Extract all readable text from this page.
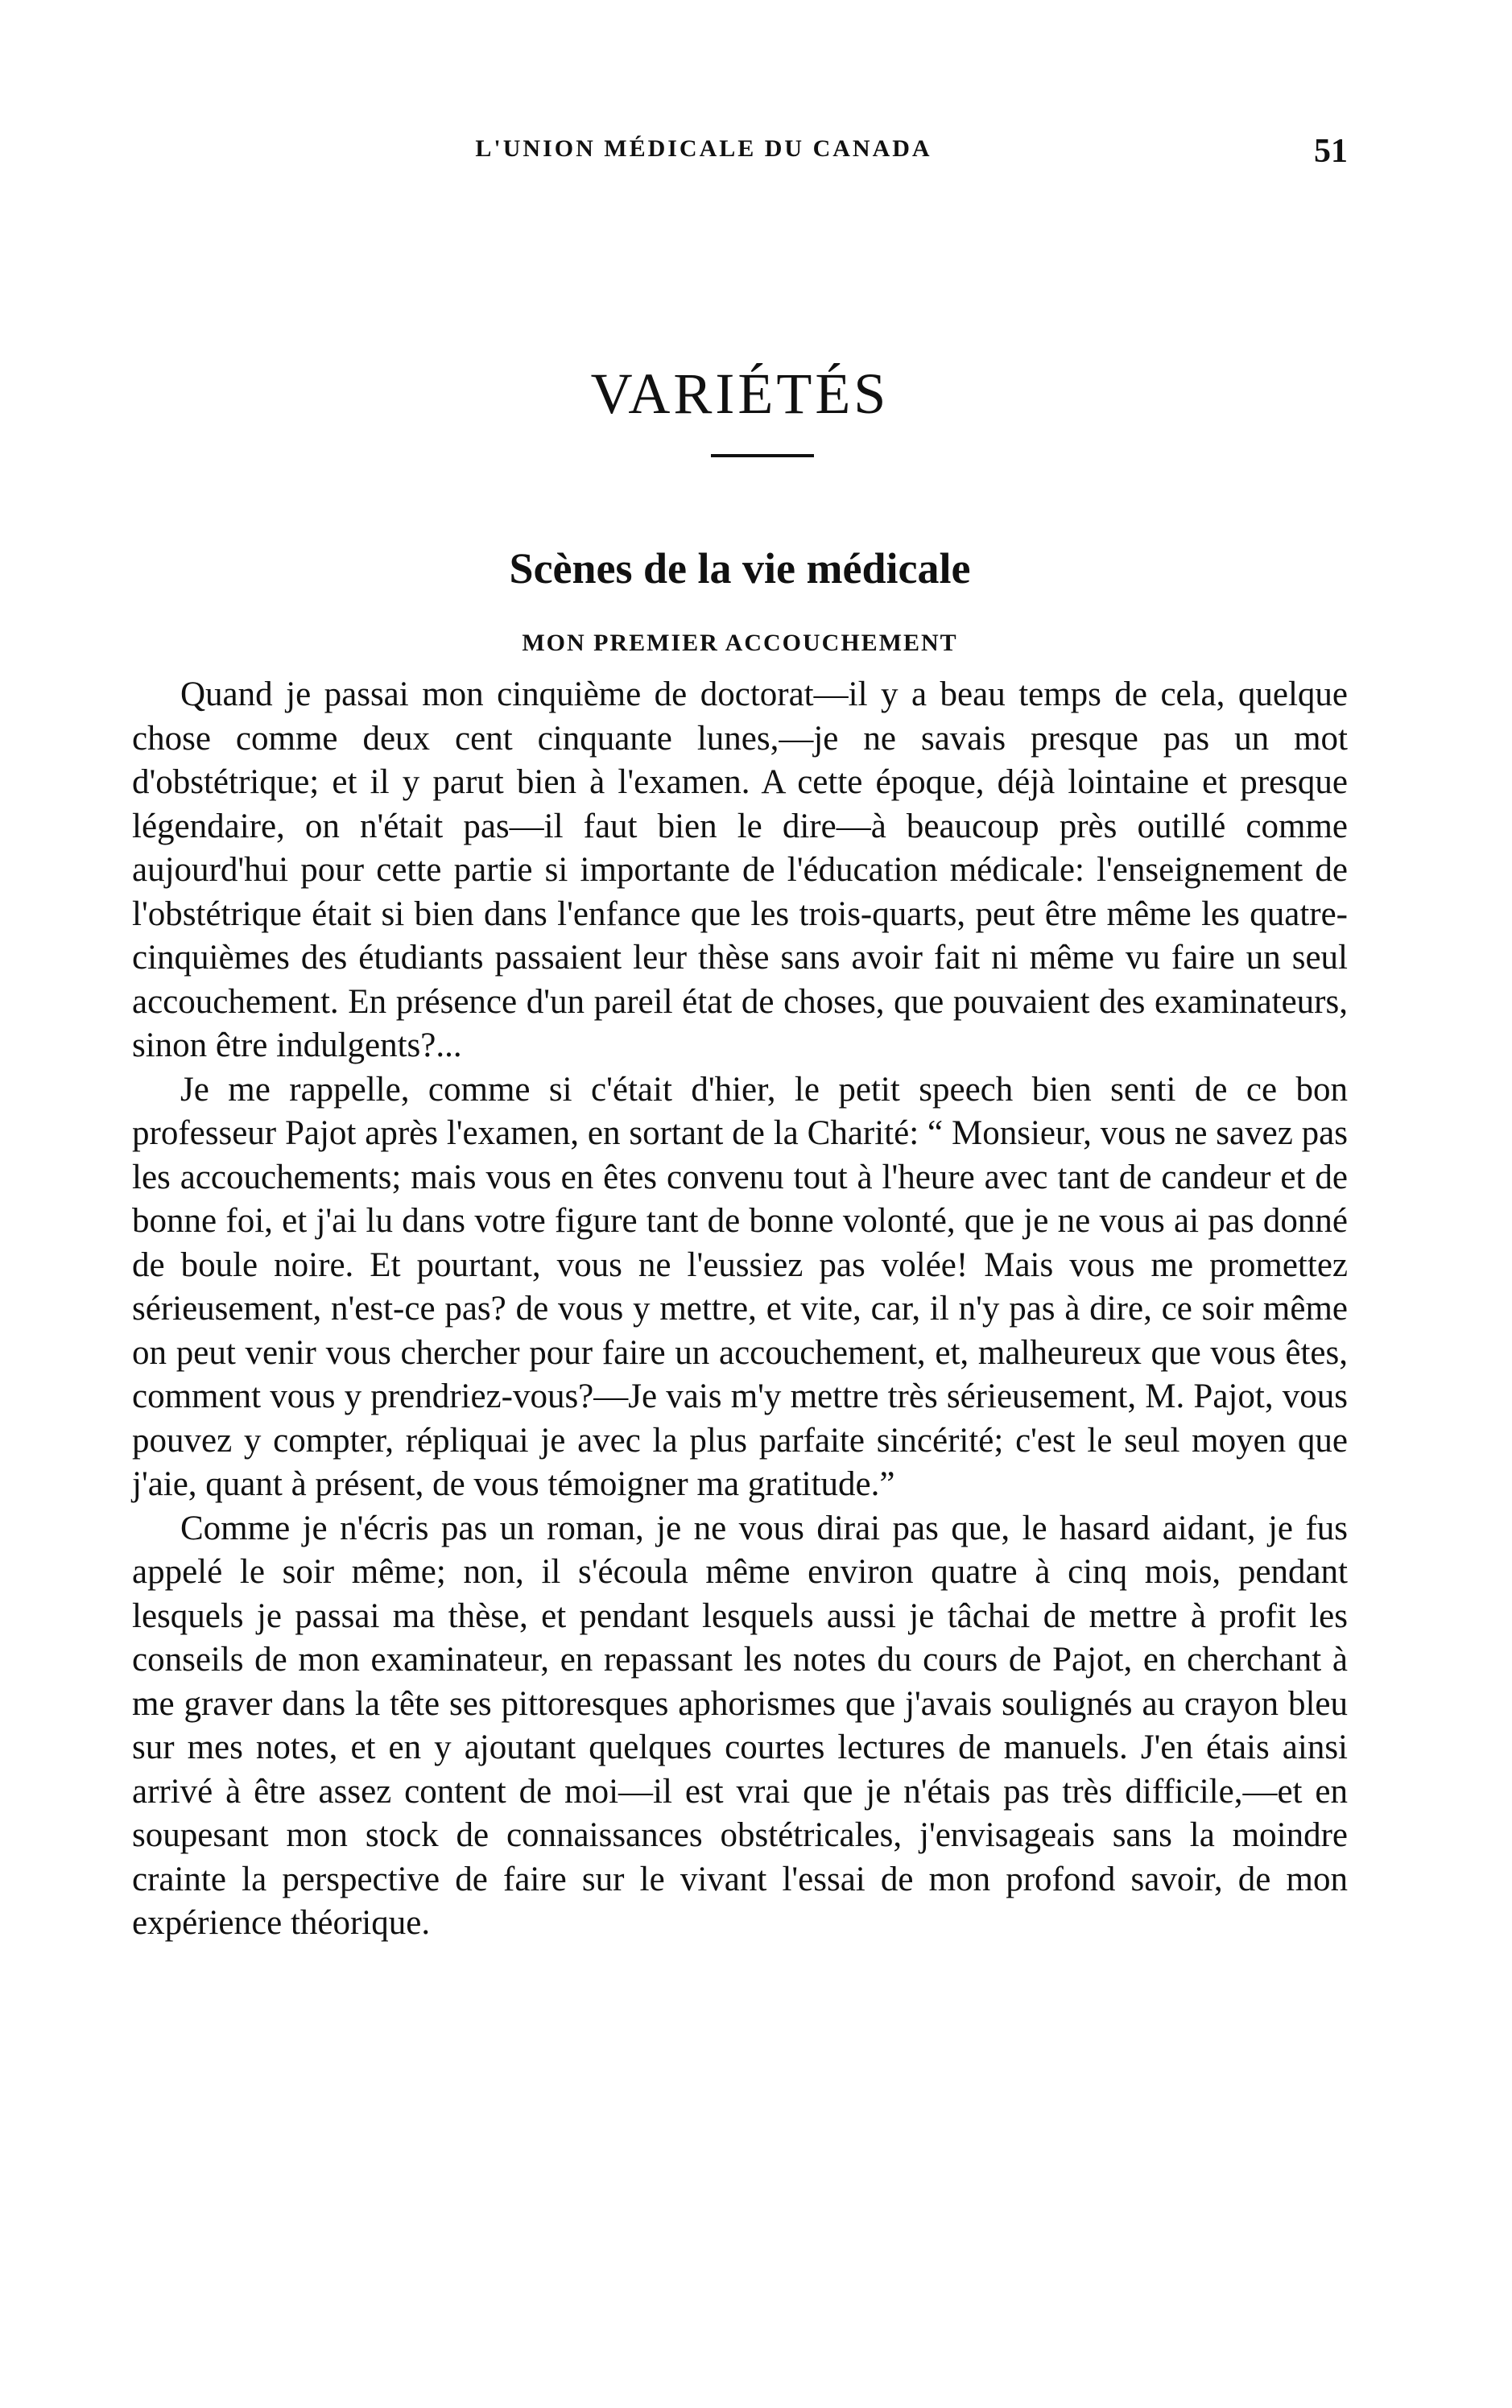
L'UNION MÉDICALE DU CANADA	51
VARIÉTÉS
Scènes de la vie médicale
MON PREMIER ACCOUCHEMENT

Quand je passai mon cinquième de doctorat—il y a beau temps de cela, quelque chose comme deux cent cinquante lunes,—je ne savais presque pas un mot d'obstétrique; et il y parut bien à l'examen. A cette époque, déjà lointaine et presque légendaire, on n'était pas—il faut bien le dire—à beaucoup près outillé comme aujourd'hui pour cette partie si importante de l'éducation médicale: l'enseignement de l'obstétrique était si bien dans l'enfance que les trois-quarts, peut être même les quatre-cinquièmes des étudiants passaient leur thèse sans avoir fait ni même vu faire un seul accouchement. En présence d'un pareil état de choses, que pouvaient des examinateurs, sinon être indulgents?...

Je me rappelle, comme si c'était d'hier, le petit speech bien senti de ce bon professeur Pajot après l'examen, en sortant de la Charité: “ Monsieur, vous ne savez pas les accouchements; mais vous en êtes convenu tout à l'heure avec tant de candeur et de bonne foi, et j'ai lu dans votre figure tant de bonne volonté, que je ne vous ai pas donné de boule noire. Et pourtant, vous ne l'eussiez pas volée! Mais vous me promettez sérieusement, n'est-ce pas? de vous y mettre, et vite, car, il n'y pas à dire, ce soir même on peut venir vous chercher pour faire un accouchement, et, malheureux que vous êtes, comment vous y prendriez-vous?—Je vais m'y mettre très sérieusement, M. Pajot, vous pouvez y compter, répliquai je avec la plus parfaite sincérité; c'est le seul moyen que j'aie, quant à présent, de vous témoigner ma gratitude.”

Comme je n'écris pas un roman, je ne vous dirai pas que, le hasard aidant, je fus appelé le soir même; non, il s'écoula même environ quatre à cinq mois, pendant lesquels je passai ma thèse, et pendant lesquels aussi je tâchai de mettre à profit les conseils de mon examinateur, en repassant les notes du cours de Pajot, en cherchant à me graver dans la tête ses pittoresques aphorismes que j'avais soulignés au crayon bleu sur mes notes, et en y ajoutant quelques courtes lectures de manuels. J'en étais ainsi arrivé à être assez content de moi—il est vrai que je n'étais pas très difficile,—et en soupesant mon stock de connaissances obstétricales, j'envisageais sans la moindre crainte la perspective de faire sur le vivant l'essai de mon profond savoir, de mon expérience théorique.
